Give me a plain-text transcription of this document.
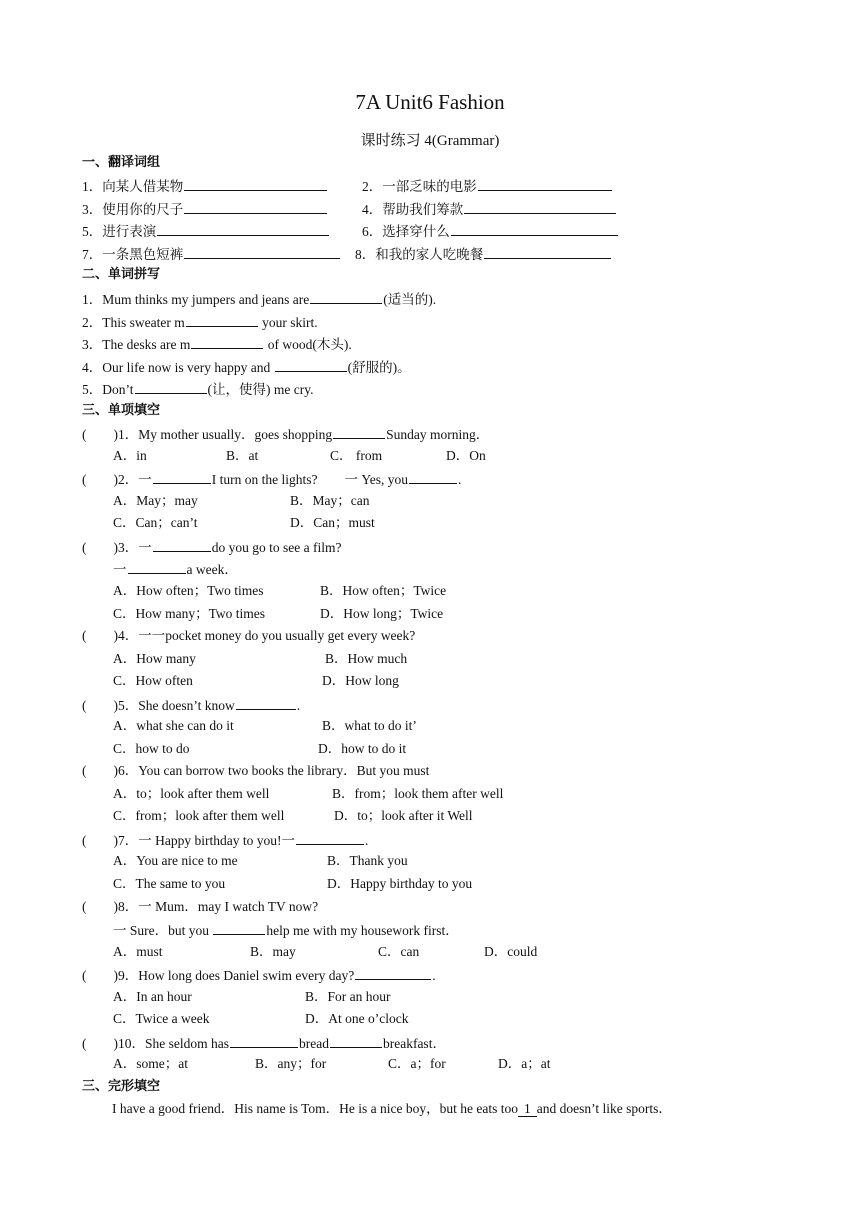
7A Unit6 Fashion
课时练习 4(Grammar)
一、翻译词组
1．向某人借某物	2．一部乏味的电影
3．使用你的尺子	4．帮助我们筹款
5．进行表演	6．选择穿什么
7．一条黑色短裤	8．和我的家人吃晚餐
二、单词拼写
1．Mum thinks my jumpers and jeans are	(适当的).
2．This sweater m	your skirt.
3．The desks are m	of wood(木头).
4．Our life now is very happy and	(舒服的)。
5．Don’t	(让，使得) me cry.
三、单项填空
(　　)1．My mother usually．goes shopping	Sunday morning．
A．in	B．at	C． from	D．On
(　　)2．一	I turn on the lights?　　一 Yes, you	.
A．May；may	B．May；can
C．Can；can’t	D．Can；must
(　　)3．一	do you go to see a film?
一	a week．
A．How often；Two times	B．How often；Twice
C．How many；Two times	D．How long；Twice
(　　)4．一一pocket money do you usually get every week?
A．How many	B．How much
C．How often	D．How long
(　　)5．She doesn’t know	.
A．what she can do it	B．what to do it’
C．how to do	D．how to do it
(　　)6．You can borrow two books the library．But you must
A．to；look after them well	B．from；look them after well
C．from；look after them well	D．to；look after it Well
(　　)7．一 Happy birthday to you!一	.
A．You are nice to me	B．Thank you
C．The same to you	D．Happy birthday to you
(　　)8．一 Mum．may I watch TV now?
一 Sure．but you	help me with my housework first．
A．must	B．may	C．can	D．could
(　　)9．How long does Daniel swim every day?	.
A．In an hour	B．For an hour
C．Twice a week	D．At one o’clock
(　　)10．She seldom has	bread	breakfast．
A．some；at	B．any；for	C．a；for	D．a；at
三、完形填空
I have a good friend．His name is Tom．He is a nice boy，but he eats too 1 and doesn’t like sports．
